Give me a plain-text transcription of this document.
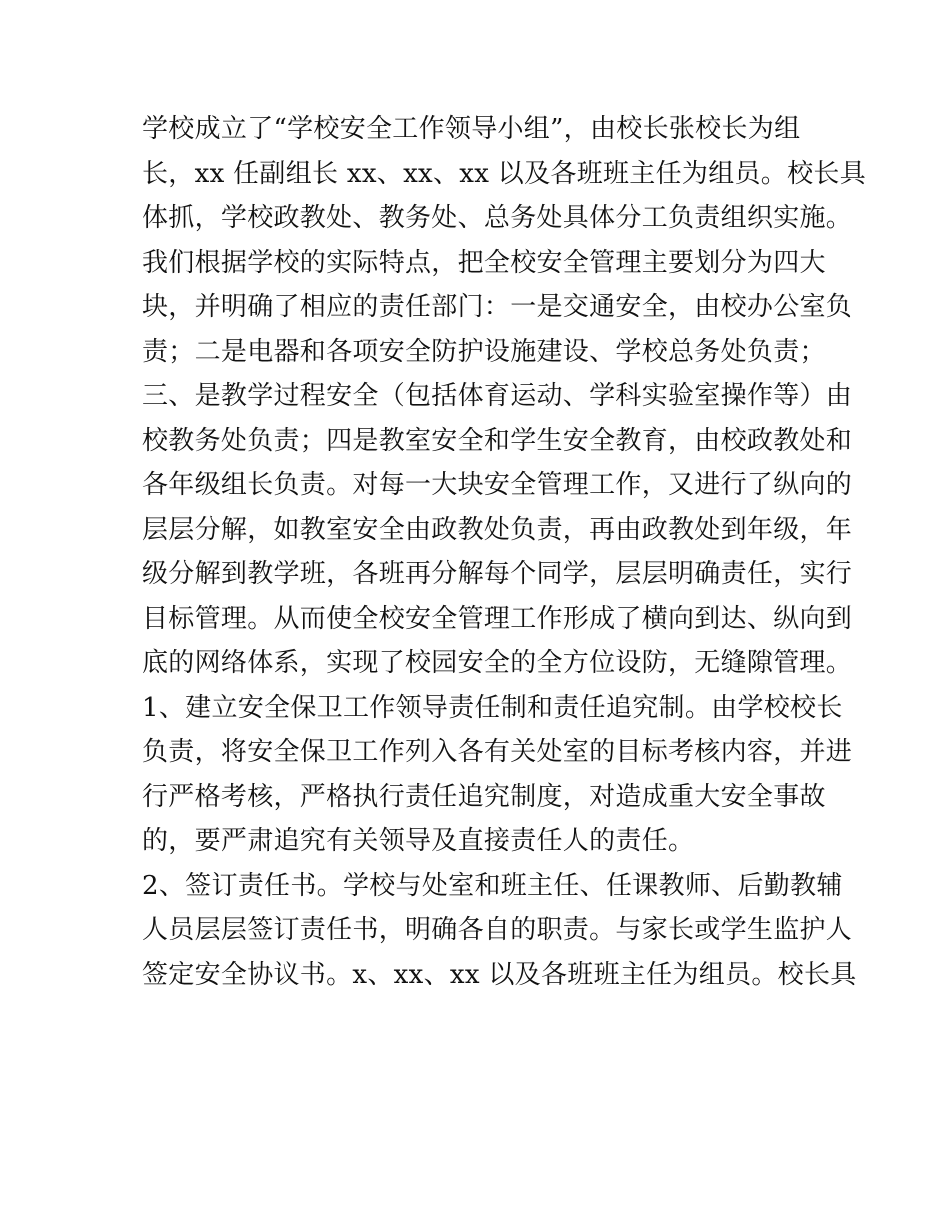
学校成立了“学校安全工作领导小组”，由校长张校长为组
长，xx 任副组长 xx、xx、xx 以及各班班主任为组员。校长具
体抓，学校政教处、教务处、总务处具体分工负责组织实施。
我们根据学校的实际特点，把全校安全管理主要划分为四大
块，并明确了相应的责任部门：一是交通安全，由校办公室负
责；二是电器和各项安全防护设施建设、学校总务处负责；
三、是教学过程安全（包括体育运动、学科实验室操作等）由
校教务处负责；四是教室安全和学生安全教育，由校政教处和
各年级组长负责。对每一大块安全管理工作，又进行了纵向的
层层分解，如教室安全由政教处负责，再由政教处到年级，年
级分解到教学班，各班再分解每个同学，层层明确责任，实行
目标管理。从而使全校安全管理工作形成了横向到达、纵向到
底的网络体系，实现了校园安全的全方位设防，无缝隙管理。
1、建立安全保卫工作领导责任制和责任追究制。由学校校长
负责，将安全保卫工作列入各有关处室的目标考核内容，并进
行严格考核，严格执行责任追究制度，对造成重大安全事故
的，要严肃追究有关领导及直接责任人的责任。
2、签订责任书。学校与处室和班主任、任课教师、后勤教辅
人员层层签订责任书，明确各自的职责。与家长或学生监护人
签定安全协议书。x、xx、xx 以及各班班主任为组员。校长具
